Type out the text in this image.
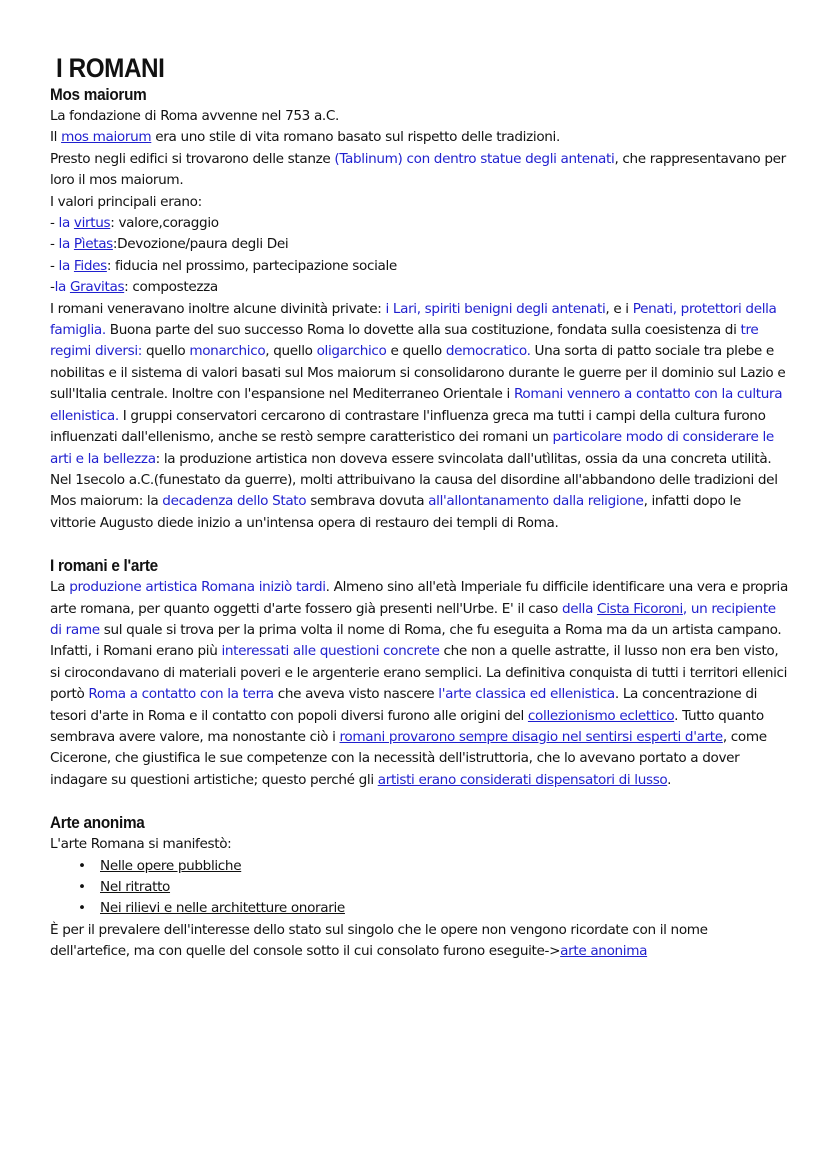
I ROMANI
Mos maiorum

La fondazione di Roma avvenne nel 753 a.C.

Il mos maiorum era uno stile di vita romano basato sul rispetto delle tradizioni.

Presto negli edifici si trovarono delle stanze (Tablinum) con dentro statue degli antenati, che rappresentavano per loro il mos maiorum.

I valori principali erano:

- la virtus: valore,coraggio

- la Pìetas:Devozione/paura degli Dei

- la Fides: fiducia nel prossimo, partecipazione sociale

-la Gravitas: compostezza

I romani veneravano inoltre alcune divinità private: i Lari, spiriti benigni degli antenati, e i Penati, protettori della famiglia. Buona parte del suo successo Roma lo dovette alla sua costituzione, fondata sulla coesistenza di tre regimi diversi: quello monarchico, quello oligarchico e quello democratico. Una sorta di patto sociale tra plebe e nobilitas e il sistema di valori basati sul Mos maiorum si consolidarono durante le guerre per il dominio sul Lazio e sull'Italia centrale. Inoltre con l'espansione nel Mediterraneo Orientale i Romani vennero a contatto con la cultura ellenistica. I gruppi conservatori cercarono di contrastare l'influenza greca ma tutti i campi della cultura furono influenzati dall'ellenismo, anche se restò sempre caratteristico dei romani un particolare modo di considerare le arti e la bellezza: la produzione artistica non doveva essere svincolata dall'utìlitas, ossia da una concreta utilità. Nel 1secolo a.C.(funestato da guerre), molti attribuivano la causa del disordine all'abbandono delle tradizioni del Mos maiorum: la decadenza dello Stato sembrava dovuta all'allontanamento dalla religione, infatti dopo le vittorie Augusto diede inizio a un'intensa opera di restauro dei templi di Roma.

I romani e l'arte

La produzione artistica Romana iniziò tardi. Almeno sino all'età Imperiale fu difficile identificare una vera e propria arte romana, per quanto oggetti d'arte fossero già presenti nell'Urbe. E' il caso della Cista Ficoroni, un recipiente di rame sul quale si trova per la prima volta il nome di Roma, che fu eseguita a Roma ma da un artista campano. Infatti, i Romani erano più interessati alle questioni concrete che non a quelle astratte, il lusso non era ben visto, si cirocondavano di materiali poveri e le argenterie erano semplici. La definitiva conquista di tutti i territori ellenici portò Roma a contatto con la terra che aveva visto nascere l'arte classica ed ellenistica. La concentrazione di tesori d'arte in Roma e il contatto con popoli diversi furono alle origini del collezionismo eclettico. Tutto quanto sembrava avere valore, ma nonostante ciò i romani provarono sempre disagio nel sentirsi esperti d'arte, come Cicerone, che giustifica le sue competenze con la necessità dell'istruttoria, che lo avevano portato a dover indagare su questioni artistiche; questo perché gli artisti erano considerati dispensatori di lusso.

Arte anonima

L'arte Romana si manifestò:

• Nelle opere pubbliche
• Nel ritratto
• Nei rilievi e nelle architetture onorarie

È per il prevalere dell'interesse dello stato sul singolo che le opere non vengono ricordate con il nome dell'artefice, ma con quelle del console sotto il cui consolato furono eseguite->arte anonima
